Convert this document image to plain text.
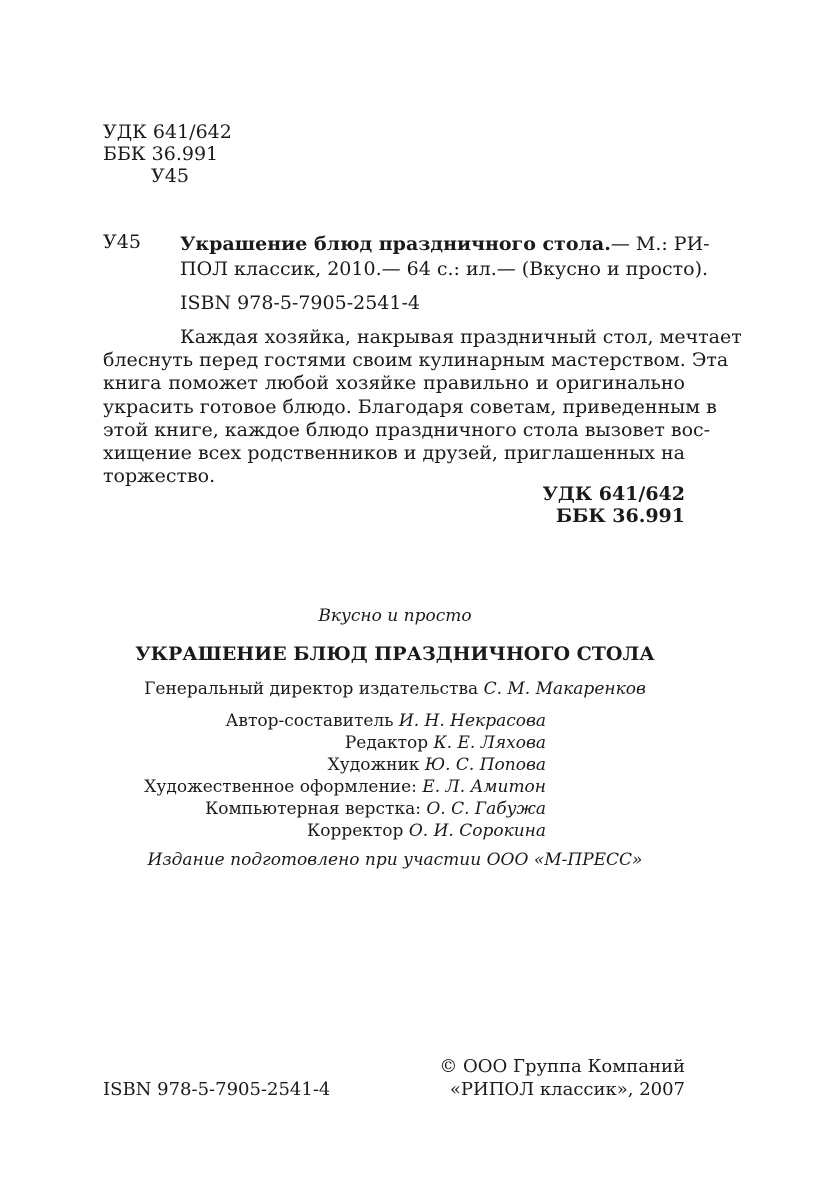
УДК 641/642
ББК 36.991
У45
У45 Украшение блюд праздничного стола.— М.: РИ-
ПОЛ классик, 2010.— 64 с.: ил.— (Вкусно и просто).
ISBN 978-5-7905-2541-4
Каждая хозяйка, накрывая праздничный стол, мечтает
блеснуть перед гостями своим кулинарным мастерством. Эта
книга поможет любой хозяйке правильно и оригинально
украсить готовое блюдо. Благодаря советам, приведенным в
этой книге, каждое блюдо праздничного стола вызовет вос-
хищение всех родственников и друзей, приглашенных на
торжество.
УДК 641/642
ББК 36.991
Вкусно и просто
УКРАШЕНИЕ БЛЮД ПРАЗДНИЧНОГО СТОЛА
Генеральный директор издательства С. М. Макаренков
Автор-составитель И. Н. Некрасова
Редактор К. Е. Ляхова
Художник Ю. С. Попова
Художественное оформление: Е. Л. Амитон
Компьютерная верстка: О. С. Габужа
Корректор О. И. Сорокина
Издание подготовлено при участии ООО «М-ПРЕСС»
ISBN 978-5-7905-2541-4
© ООО Группа Компаний
«РИПОЛ классик», 2007
